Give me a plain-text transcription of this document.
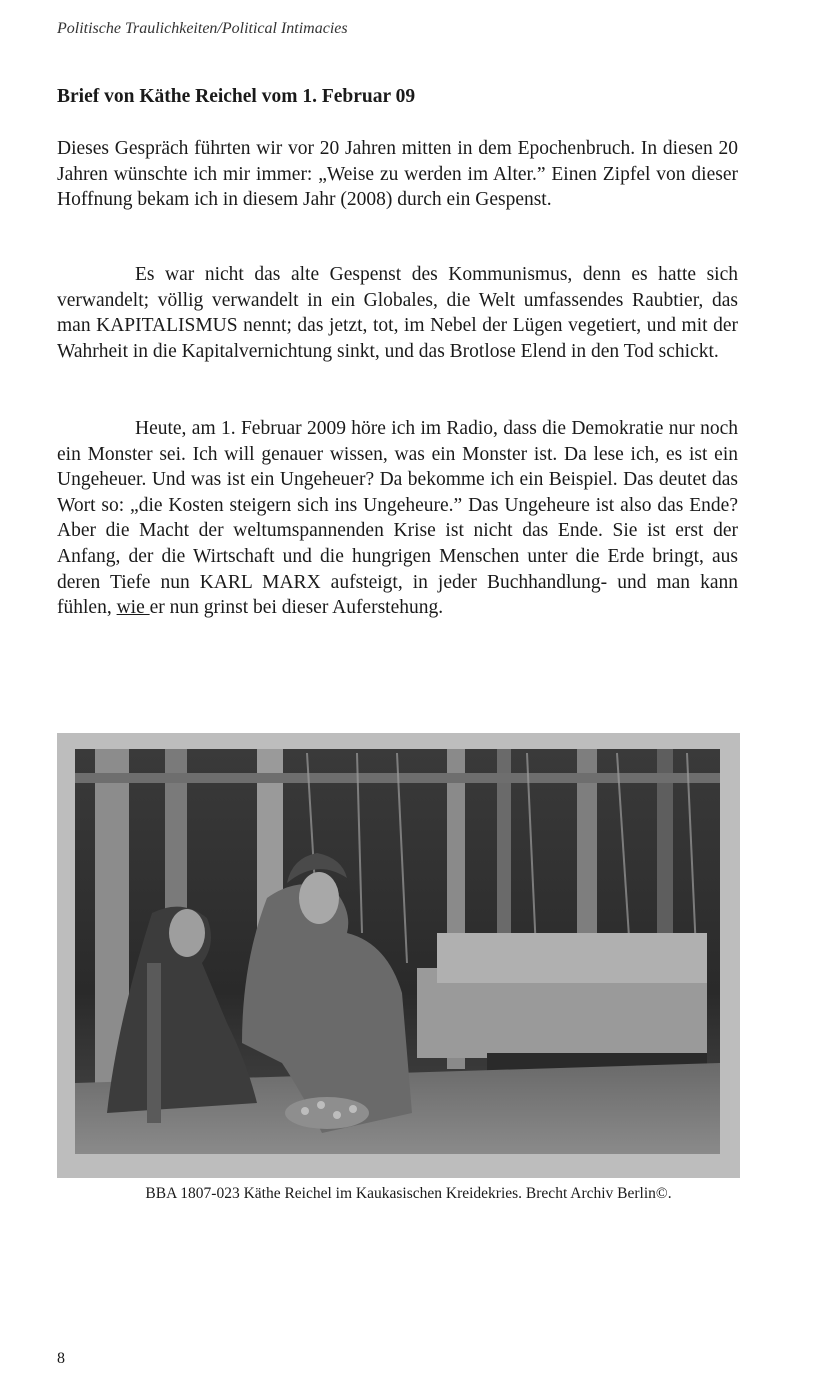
Politische Traulichkeiten/Political Intimacies
Brief von Käthe Reichel vom 1. Februar 09

Dieses Gespräch führten wir vor 20 Jahren mitten in dem Epochenbruch. In diesen 20 Jahren wünschte ich mir immer: „Weise zu werden im Alter.” Einen Zipfel von dieser Hoffnung bekam ich in diesem Jahr (2008) durch ein Gespenst.

Es war nicht das alte Gespenst des Kommunismus, denn es hatte sich verwandelt; völlig verwandelt in ein Globales, die Welt umfassendes Raubtier, das man KAPITALISMUS nennt; das jetzt, tot, im Nebel der Lügen vegetiert, und mit der Wahrheit in die Kapitalvernichtung sinkt, und das Brotlose Elend in den Tod schickt.

Heute, am 1. Februar 2009 höre ich im Radio, dass die Demokratie nur noch ein Monster sei. Ich will genauer wissen, was ein Monster ist. Da lese ich, es ist ein Ungeheuer. Und was ist ein Ungeheuer? Da bekomme ich ein Beispiel. Das deutet das Wort so: „die Kosten steigern sich ins Ungeheure.” Das Ungeheure ist also das Ende? Aber die Macht der weltumspannenden Krise ist nicht das Ende. Sie ist erst der Anfang, der die Wirtschaft und die hungrigen Menschen unter die Erde bringt, aus deren Tiefe nun KARL MARX aufsteigt, in jeder Buchhandlung- und man kann fühlen, wie er nun grinst bei dieser Auferstehung.

BBA 1807-023 Käthe Reichel im Kaukasischen Kreidekries. Brecht Archiv Berlin©.
8
